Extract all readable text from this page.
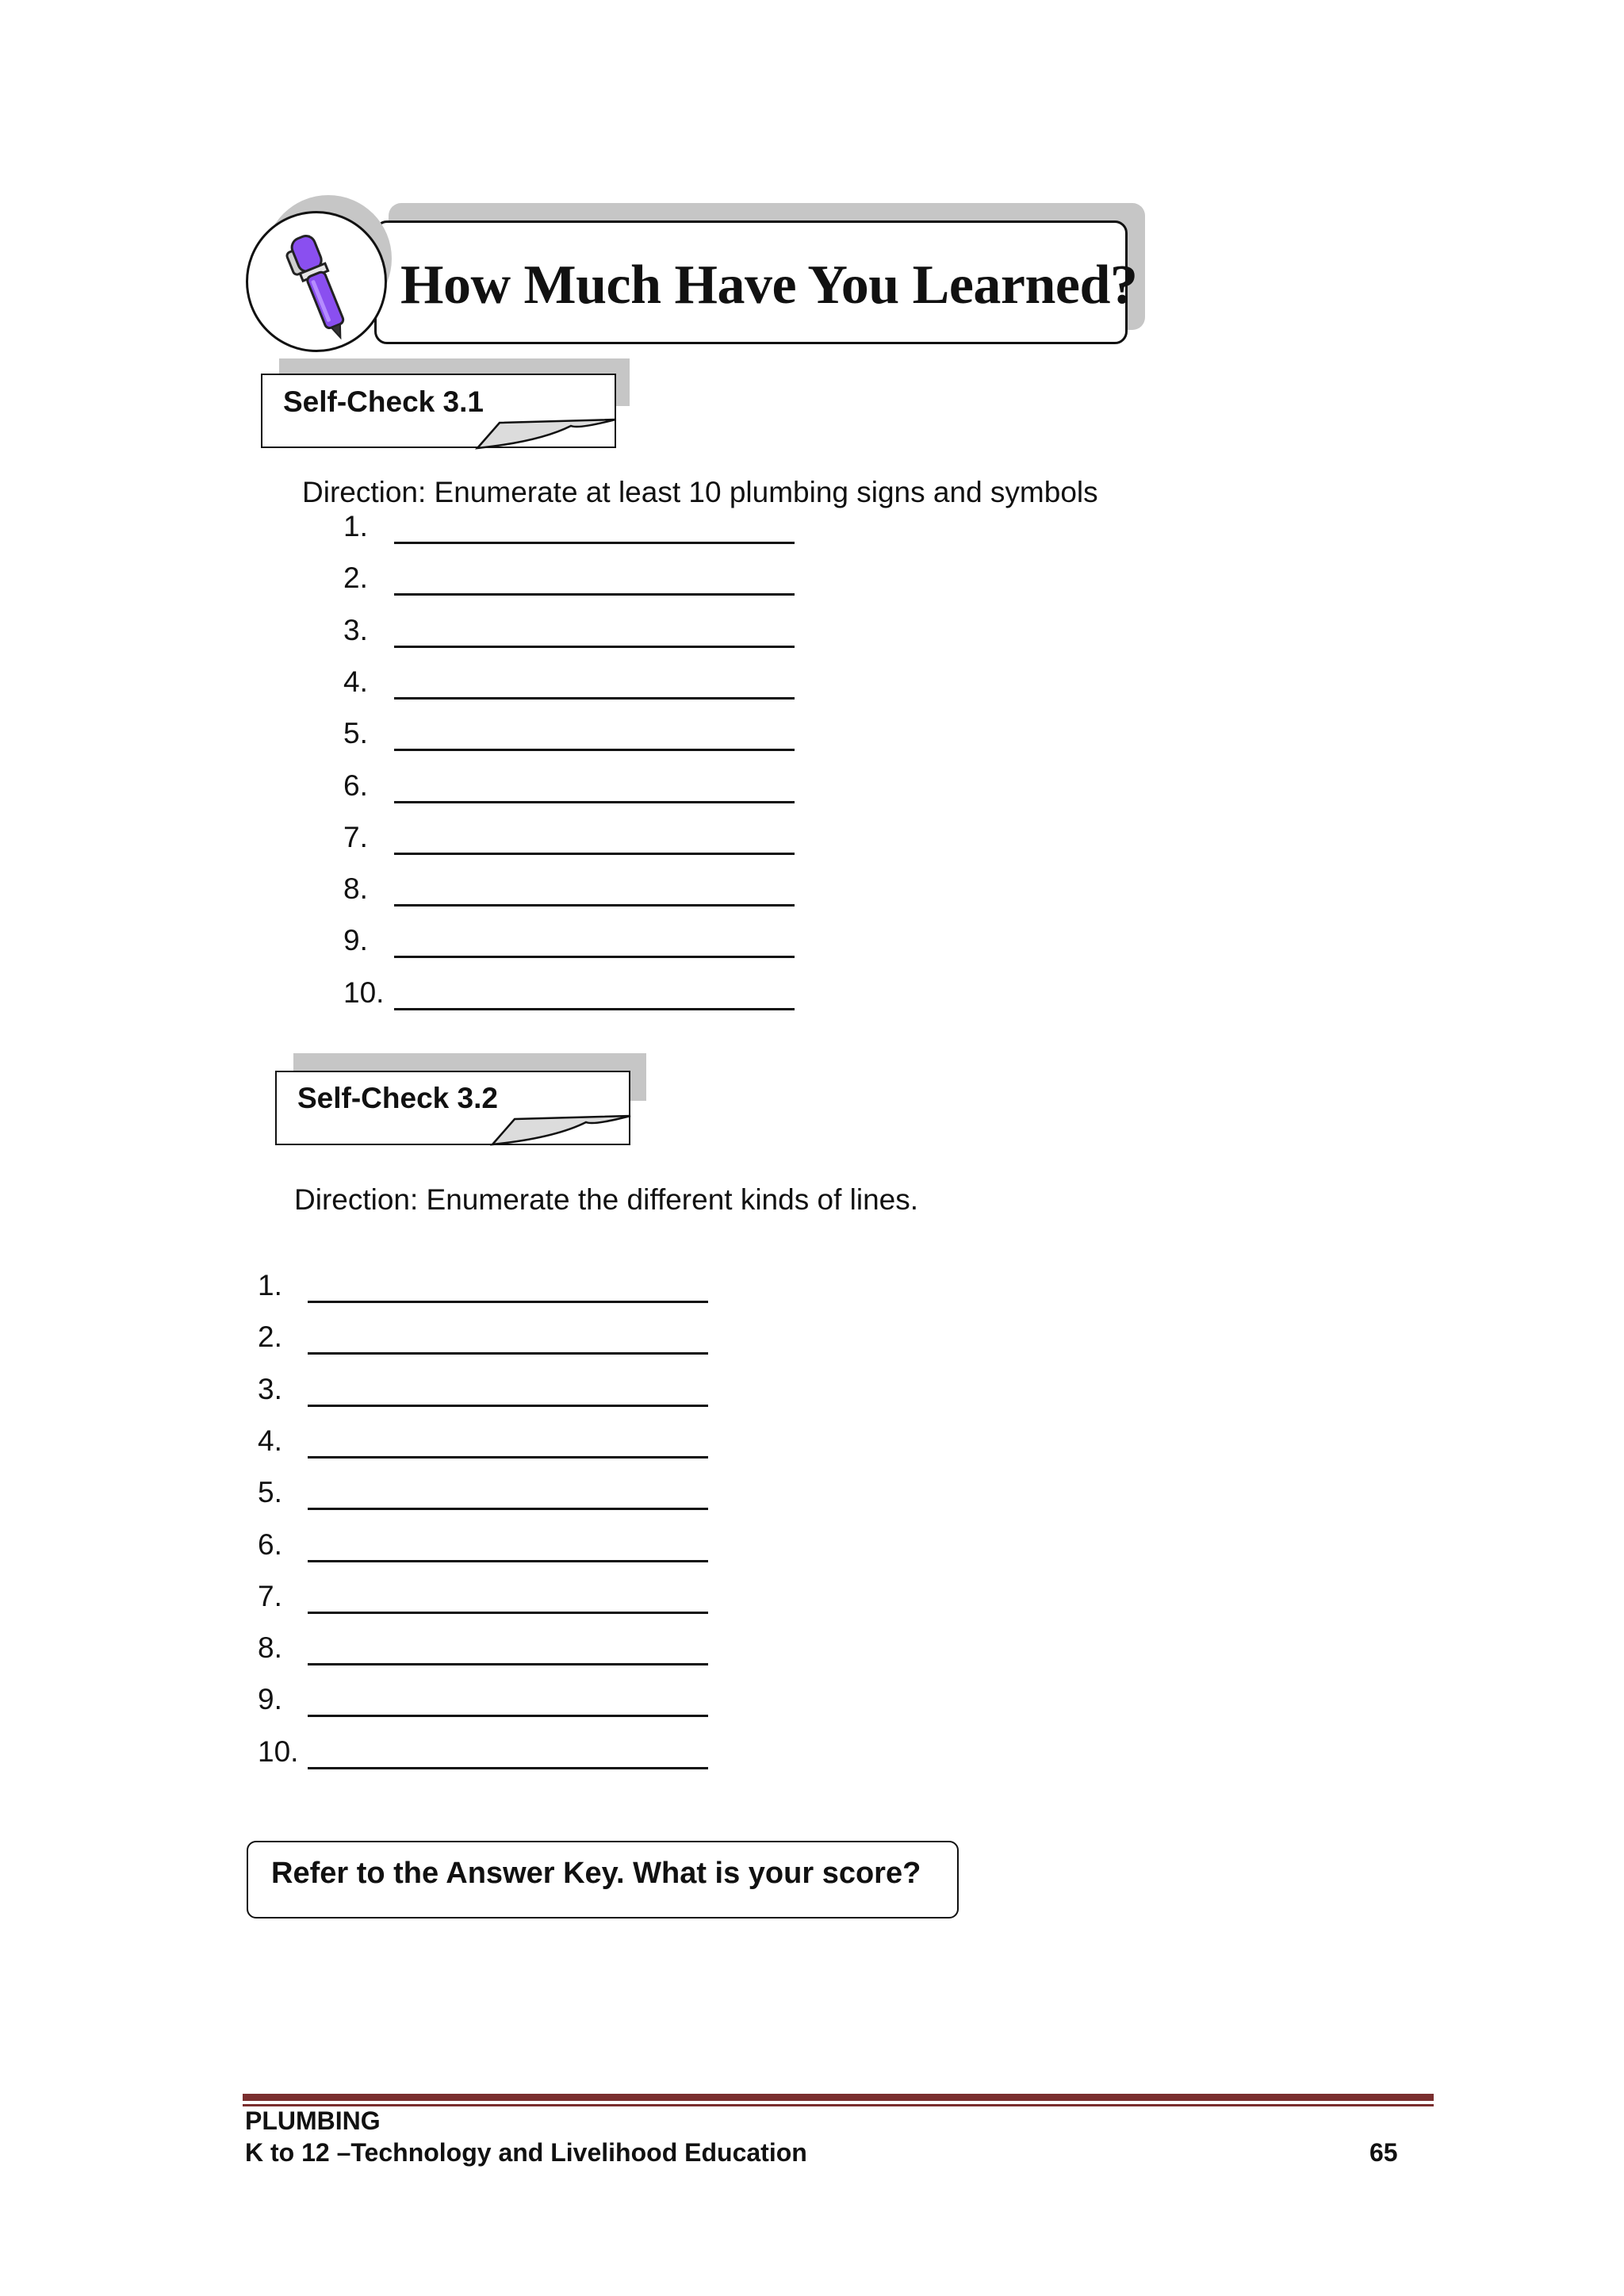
How Much Have You Learned?
Self-Check 3.1
Direction: Enumerate at least 10 plumbing signs and symbols
1.
2.
3.
4.
5.
6.
7.
8.
9.
10.
Self-Check 3.2
Direction: Enumerate the different kinds of lines.
1.
2.
3.
4.
5.
6.
7.
8.
9.
10.
Refer to the Answer Key. What is your score?
PLUMBING
K to 12 –Technology and Livelihood Education	65
